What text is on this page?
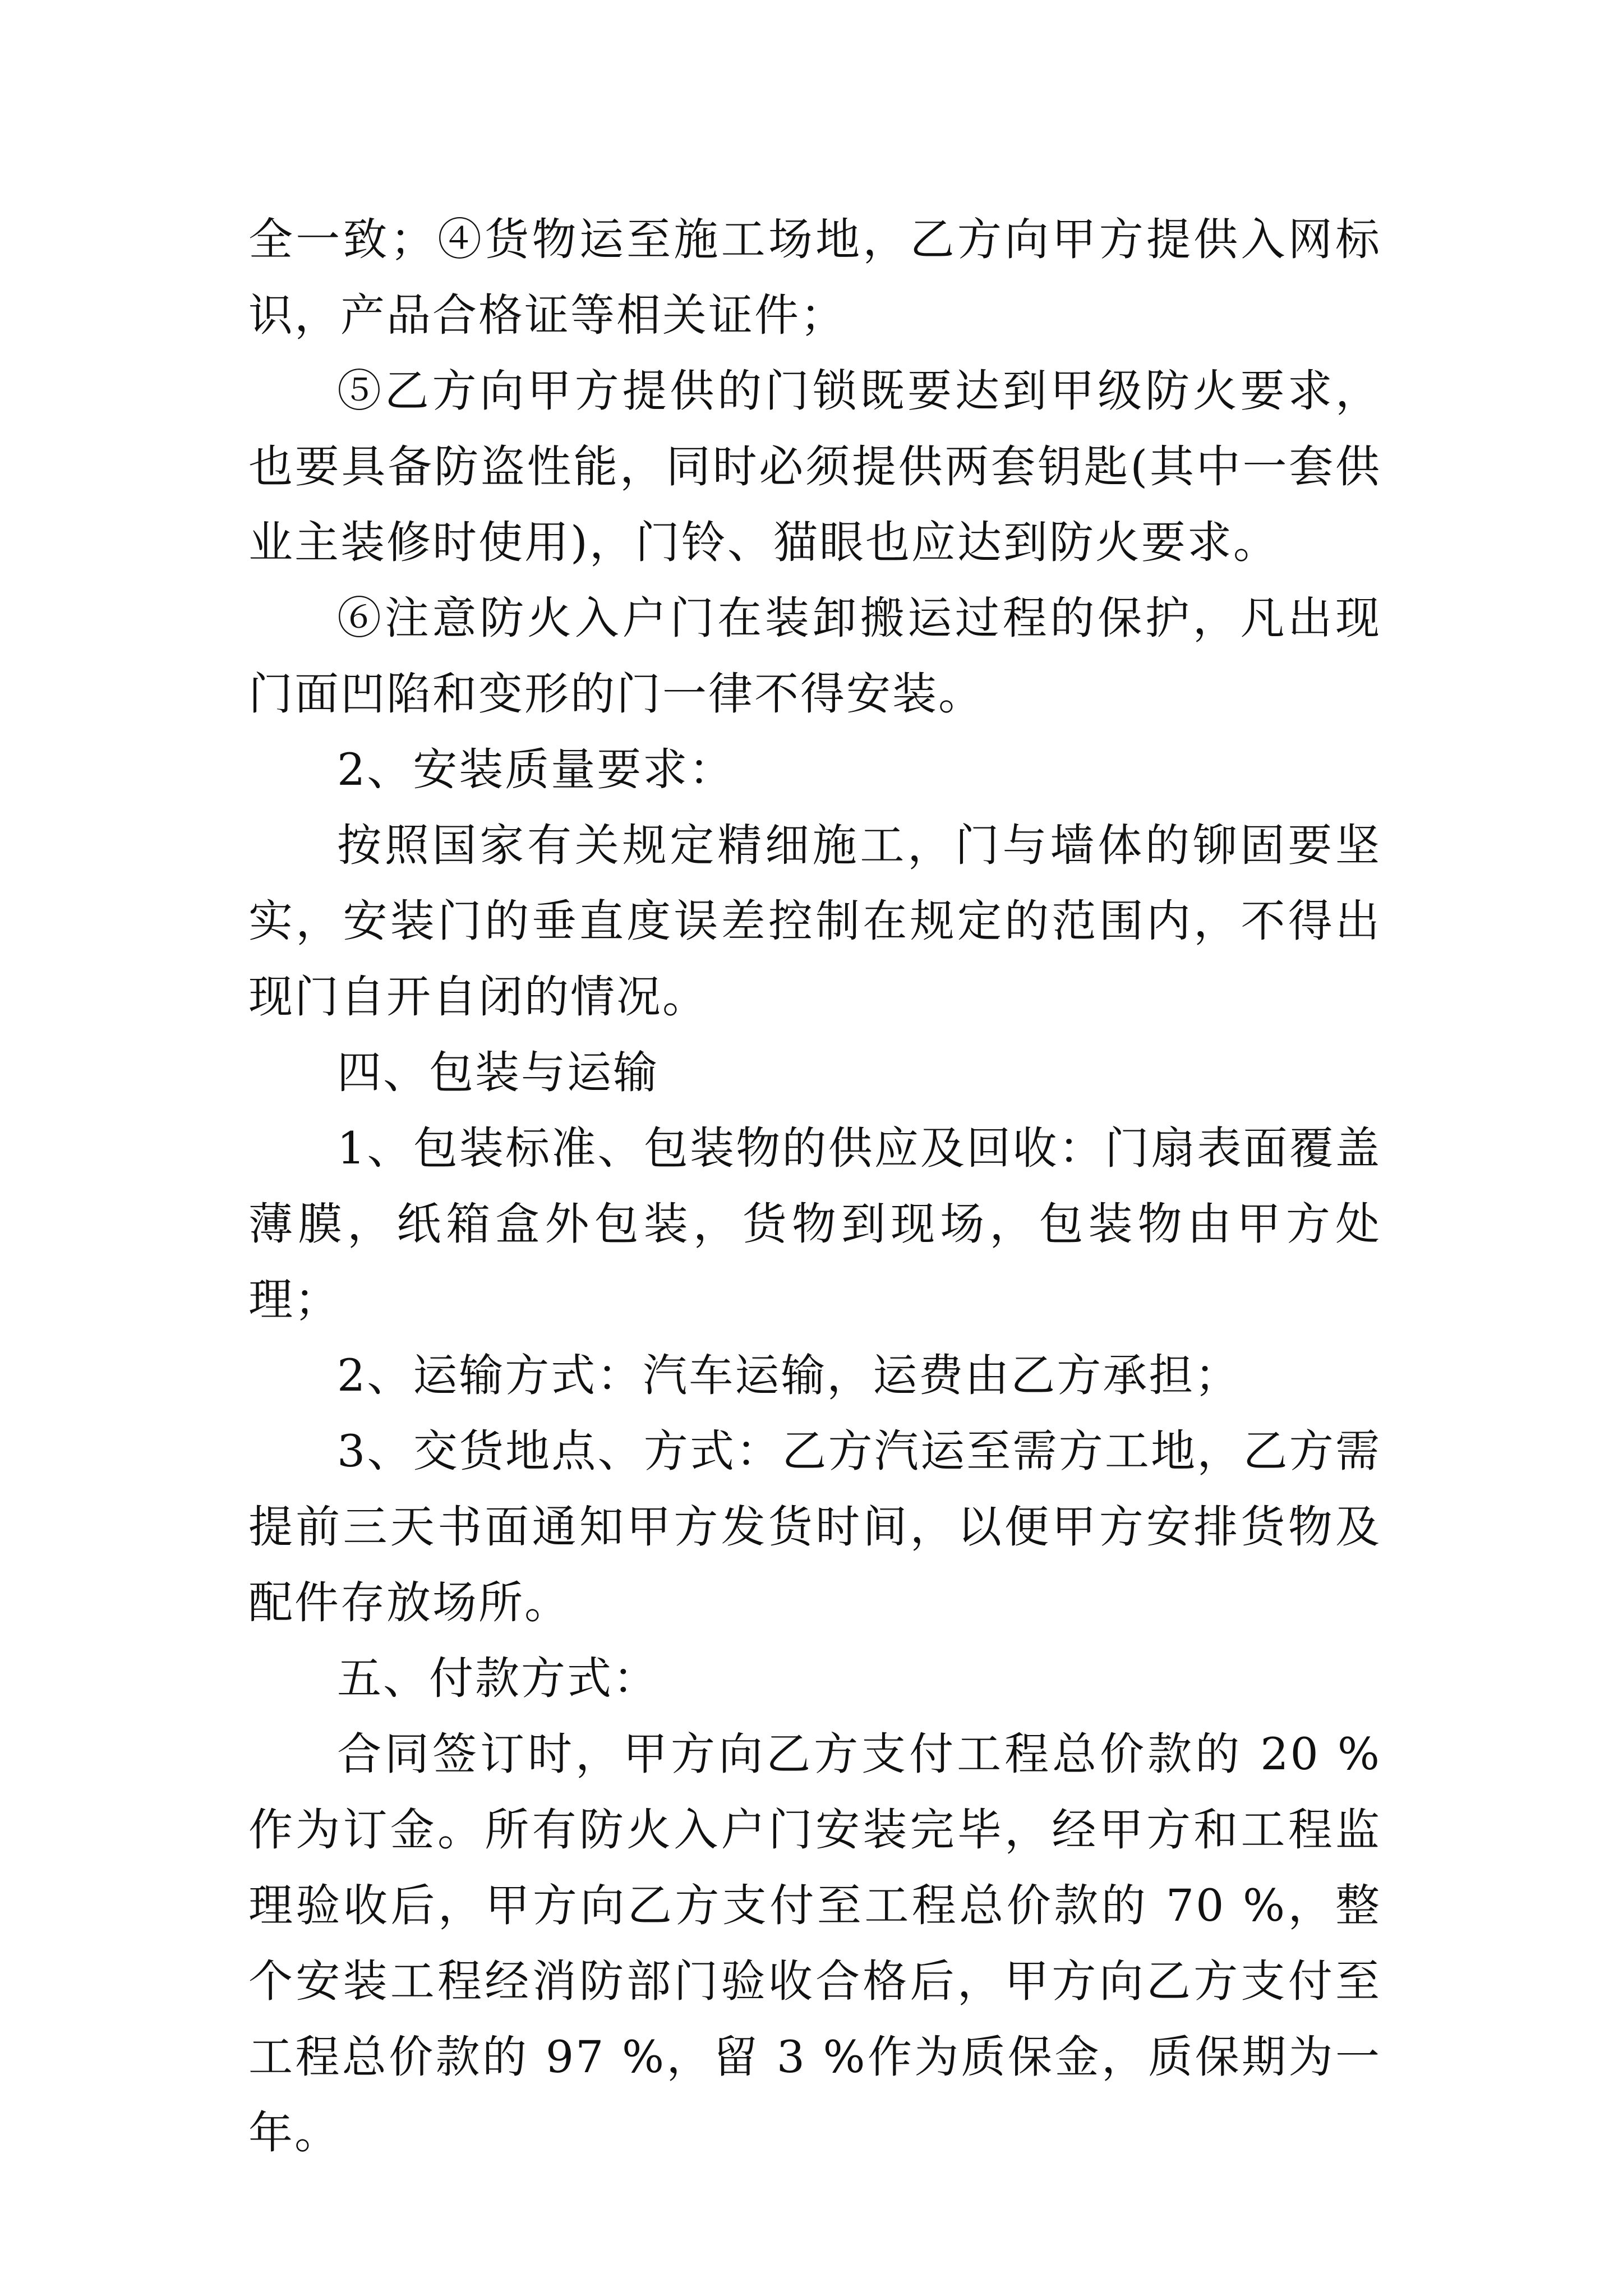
全一致；④货物运至施工场地，乙方向甲方提供入网标识，产品合格证等相关证件；

⑤乙方向甲方提供的门锁既要达到甲级防火要求，也要具备防盗性能，同时必须提供两套钥匙(其中一套供业主装修时使用)，门铃、猫眼也应达到防火要求。

⑥注意防火入户门在装卸搬运过程的保护，凡出现门面凹陷和变形的门一律不得安装。

2、安装质量要求：

按照国家有关规定精细施工，门与墙体的铆固要坚实，安装门的垂直度误差控制在规定的范围内，不得出现门自开自闭的情况。

四、包装与运输

1、包装标准、包装物的供应及回收：门扇表面覆盖薄膜，纸箱盒外包装，货物到现场，包装物由甲方处理；

2、运输方式：汽车运输，运费由乙方承担；

3、交货地点、方式：乙方汽运至需方工地，乙方需提前三天书面通知甲方发货时间，以便甲方安排货物及配件存放场所。

五、付款方式：

合同签订时，甲方向乙方支付工程总价款的 20 %作为订金。所有防火入户门安装完毕，经甲方和工程监理验收后，甲方向乙方支付至工程总价款的 70 %，整个安装工程经消防部门验收合格后，甲方向乙方支付至工程总价款的 97 %，留 3 %作为质保金，质保期为一年。
